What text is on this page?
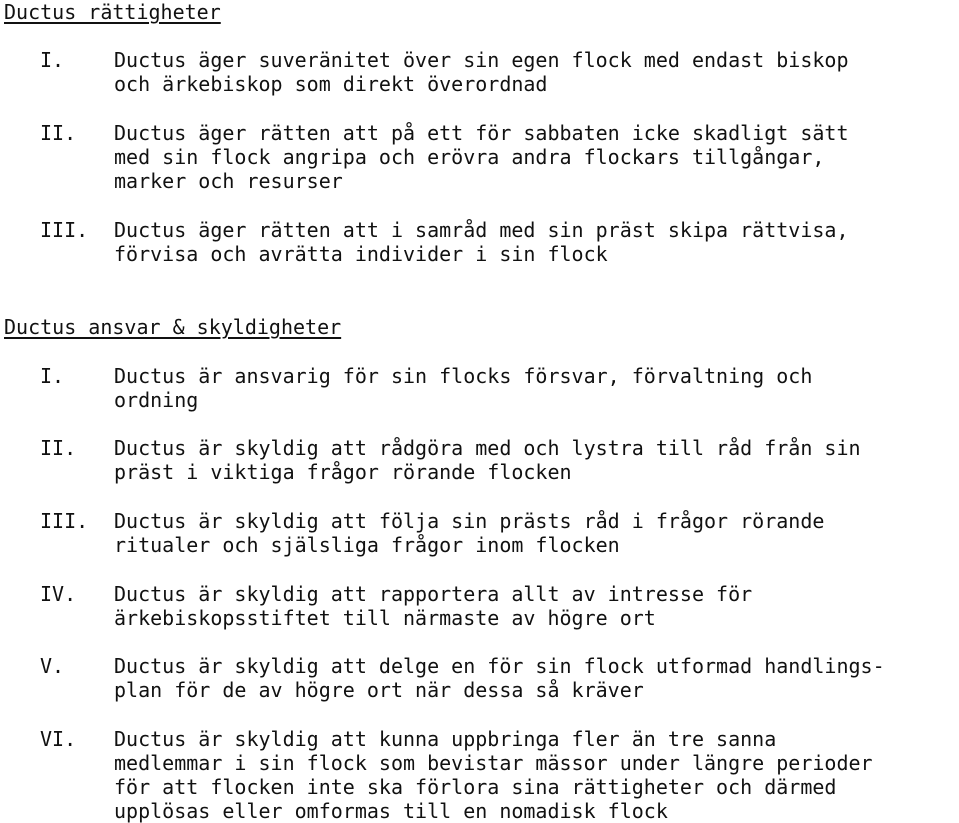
Ductus rättigheter
I. Ductus äger suveränitet över sin egen flock med endast biskop
och ärkebiskop som direkt överordnad
II. Ductus äger rätten att på ett för sabbaten icke skadligt sätt
med sin flock angripa och erövra andra flockars tillgångar,
marker och resurser
III. Ductus äger rätten att i samråd med sin präst skipa rättvisa,
förvisa och avrätta individer i sin flock
Ductus ansvar & skyldigheter
I. Ductus är ansvarig för sin flocks försvar, förvaltning och
ordning
II. Ductus är skyldig att rådgöra med och lystra till råd från sin
präst i viktiga frågor rörande flocken
III. Ductus är skyldig att följa sin prästs råd i frågor rörande
ritualer och själsliga frågor inom flocken
IV. Ductus är skyldig att rapportera allt av intresse för
ärkebiskopsstiftet till närmaste av högre ort
V. Ductus är skyldig att delge en för sin flock utformad handlings-
plan för de av högre ort när dessa så kräver
VI. Ductus är skyldig att kunna uppbringa fler än tre sanna
medlemmar i sin flock som bevistar mässor under längre perioder
för att flocken inte ska förlora sina rättigheter och därmed
upplösas eller omformas till en nomadisk flock
